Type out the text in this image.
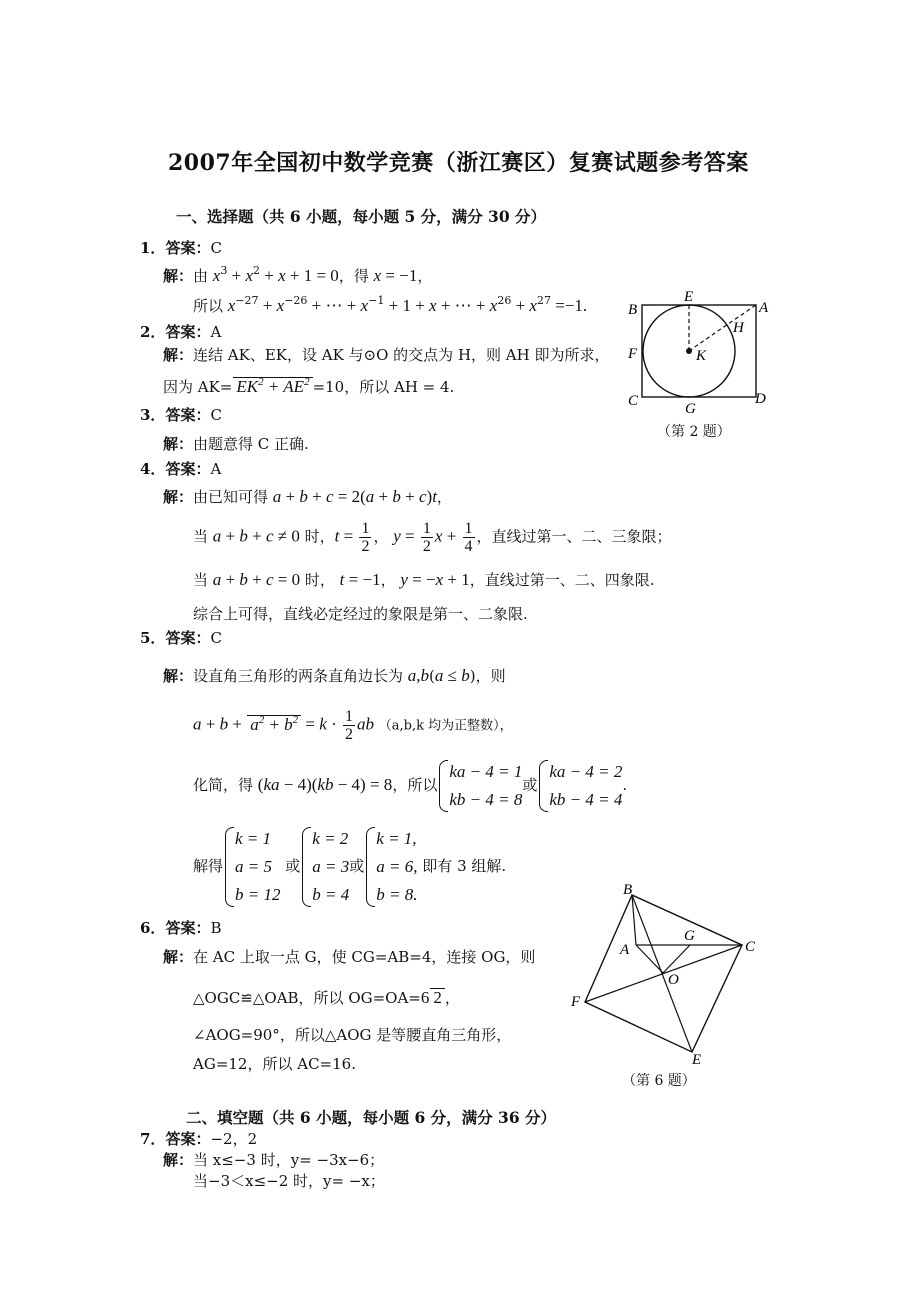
2007年全国初中数学竞赛（浙江赛区）复赛试题参考答案
一、选择题（共 6 小题，每小题 5 分，满分 30 分）
1．答案：C
解：由 $x^3 + x^2 + x + 1 = 0$，得 x = −1，
所以 $x^{-27} + x^{-26}$ + ⋯ + $x^{-1} + 1 + x$ + ⋯ + $x^{26} + x^{27} =-1$.
2．答案：A
解：连结 AK、EK，设 AK 与⊙O 的交点为 H，则 AH 即为所求，
因为 $AK= EK^2 + AE^2 =10$，所以 AH = 4.
3．答案：C
解：由题意得 C 正确.
4．答案：A
解：由已知可得 a + b + c = 2(a + b + c)t，
当 a + b + c ≠ 0 时，$t = \frac{1}{2}$ ， $y = \frac{1}{2}$ $x + \frac{1}{4}$ ，直线过第一、二、三象限；
当 a + b + c = 0 时， t = −1， y = −x + 1，直线过第一、二、四象限.
综合上可得，直线必定经过的象限是第一、二象限.
5．答案：C
解：设直角三角形的两条直角边长为 a,b(a ≤ b)，则
$a + b + a^2 + b^2 = k \cdot \frac{1}{2}$ ab （a,b,k 均为正整数），
化简，得 (ka − 4)(kb − 4) = 8，所以
ka − 4 = 1
kb − 4 = 8
或
ka − 4 = 2
kb − 4 = 4
.
解得
k = 1
a = 5
b = 12
或
k = 2
a = 3
b = 4
或
k = 1,
a = 6,
b = 8.
即有 3 组解.
6．答案：B
解：在 AC 上取一点 G，使 CG=AB=4，连接 OG，则
△OGC≌△OAB，所以 OG=OA=6 2 ，
∠AOG=90°，所以△AOG 是等腰直角三角形，
AG=12，所以 AC=16.
二、填空题（共 6 小题，每小题 6 分，满分 36 分）
7．答案：−2，2
解：当 x≤−3 时，y= −3x−6；
当−3＜x≤−2 时，y= −x；
B
E
A
H
F	K
C	G
D
（第 2 题）
B
G
A	C
O
F
E
（第 6 题）
